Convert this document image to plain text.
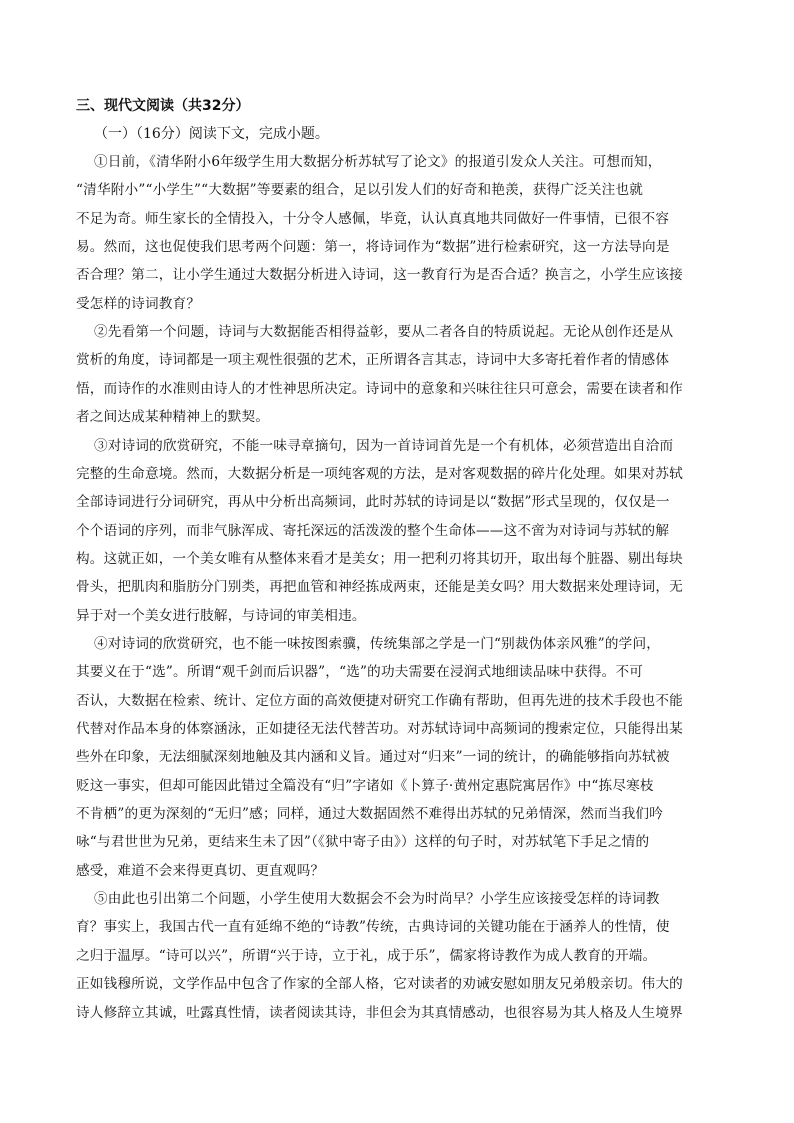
三、现代文阅读（共32分）
（一）（16分）阅读下文，完成小题。
①日前，《清华附小6年级学生用大数据分析苏轼写了论文》的报道引发众人关注。可想而知，
“清华附小”“小学生”“大数据”等要素的组合，足以引发人们的好奇和艳羡，获得广泛关注也就
不足为奇。师生家长的全情投入，十分令人感佩，毕竟，认认真真地共同做好一件事情，已很不容
易。然而，这也促使我们思考两个问题：第一，将诗词作为“数据”进行检索研究，这一方法导向是
否合理？第二，让小学生通过大数据分析进入诗词，这一教育行为是否合适？换言之，小学生应该接
受怎样的诗词教育？
②先看第一个问题，诗词与大数据能否相得益彰，要从二者各自的特质说起。无论从创作还是从
赏析的角度，诗词都是一项主观性很强的艺术，正所谓各言其志，诗词中大多寄托着作者的情感体
悟，而诗作的水准则由诗人的才性神思所决定。诗词中的意象和兴味往往只可意会，需要在读者和作
者之间达成某种精神上的默契。
③对诗词的欣赏研究，不能一味寻章摘句，因为一首诗词首先是一个有机体，必须营造出自洽而
完整的生命意境。然而，大数据分析是一项纯客观的方法，是对客观数据的碎片化处理。如果对苏轼
全部诗词进行分词研究，再从中分析出高频词，此时苏轼的诗词是以“数据”形式呈现的，仅仅是一
个个语词的序列，而非气脉浑成、寄托深远的活泼泼的整个生命体——这不啻为对诗词与苏轼的解
构。这就正如，一个美女唯有从整体来看才是美女；用一把利刃将其切开，取出每个脏器、剔出每块
骨头，把肌肉和脂肪分门别类，再把血管和神经拣成两束，还能是美女吗？用大数据来处理诗词，无
异于对一个美女进行肢解，与诗词的审美相违。
④对诗词的欣赏研究，也不能一味按图索骥，传统集部之学是一门“别裁伪体亲风雅”的学问，
其要义在于“选”。所谓“观千剑而后识器”，“选”的功夫需要在浸润式地细读品味中获得。不可
否认，大数据在检索、统计、定位方面的高效便捷对研究工作确有帮助，但再先进的技术手段也不能
代替对作品本身的体察涵泳，正如捷径无法代替苦功。对苏轼诗词中高频词的搜索定位，只能得出某
些外在印象，无法细腻深刻地触及其内涵和义旨。通过对“归来”一词的统计，的确能够指向苏轼被
贬这一事实，但却可能因此错过全篇没有“归”字诸如《卜算子·黄州定惠院寓居作》中“拣尽寒枝
不肯栖”的更为深刻的“无归”感；同样，通过大数据固然不难得出苏轼的兄弟情深，然而当我们吟
咏“与君世世为兄弟，更结来生未了因”（《狱中寄子由》）这样的句子时，对苏轼笔下手足之情的
感受，难道不会来得更真切、更直观吗？
⑤由此也引出第二个问题，小学生使用大数据会不会为时尚早？小学生应该接受怎样的诗词教
育？事实上，我国古代一直有延绵不绝的“诗教”传统，古典诗词的关键功能在于涵养人的性情，使
之归于温厚。“诗可以兴”，所谓“兴于诗，立于礼，成于乐”，儒家将诗教作为成人教育的开端。
正如钱穆所说，文学作品中包含了作家的全部人格，它对读者的劝诫安慰如朋友兄弟般亲切。伟大的
诗人修辞立其诚，吐露真性情，读者阅读其诗，非但会为其真情感动，也很容易为其人格及人生境界
